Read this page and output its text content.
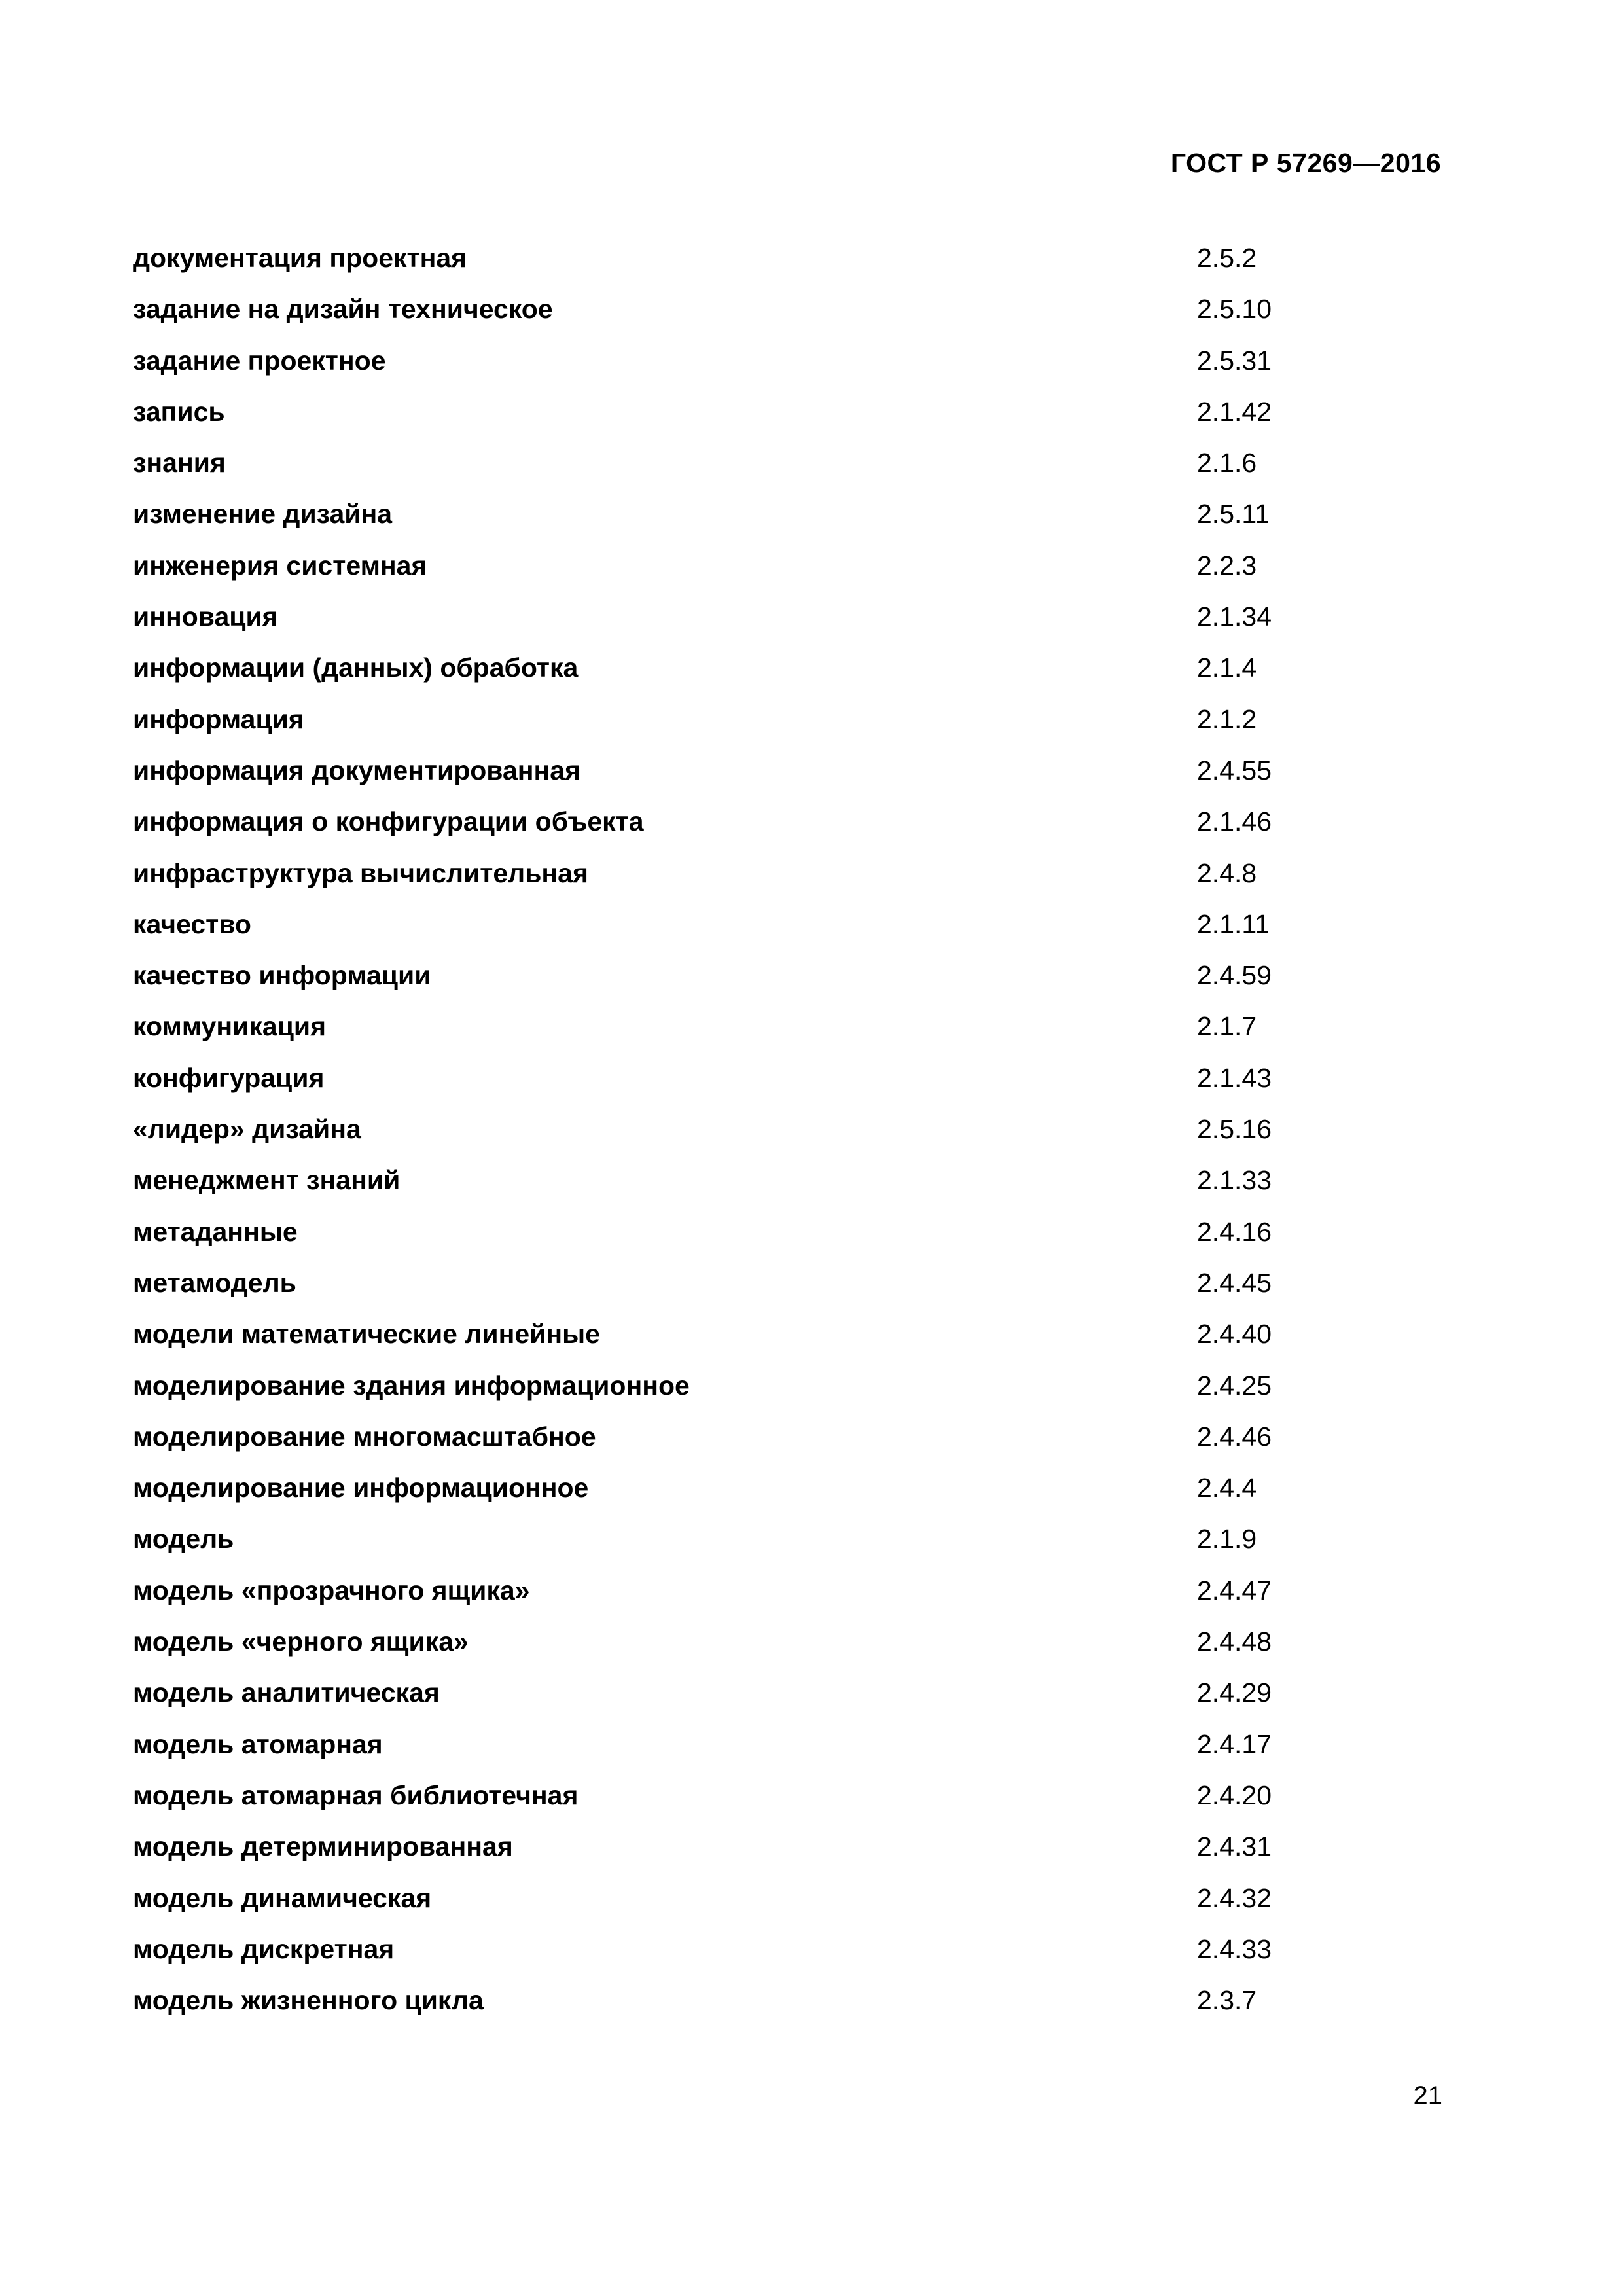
ГОСТ Р 57269—2016
документация проектная	2.5.2
задание на дизайн техническое	2.5.10
задание проектное	2.5.31
запись	2.1.42
знания	2.1.6
изменение дизайна	2.5.11
инженерия системная	2.2.3
инновация	2.1.34
информации (данных) обработка	2.1.4
информация	2.1.2
информация документированная	2.4.55
информация о конфигурации объекта	2.1.46
инфраструктура вычислительная	2.4.8
качество	2.1.11
качество информации	2.4.59
коммуникация	2.1.7
конфигурация	2.1.43
«лидер» дизайна	2.5.16
менеджмент знаний	2.1.33
метаданные	2.4.16
метамодель	2.4.45
модели математические линейные	2.4.40
моделирование здания информационное	2.4.25
моделирование многомасштабное	2.4.46
моделирование информационное	2.4.4
модель	2.1.9
модель «прозрачного ящика»	2.4.47
модель «черного ящика»	2.4.48
модель аналитическая	2.4.29
модель атомарная	2.4.17
модель атомарная библиотечная	2.4.20
модель детерминированная	2.4.31
модель динамическая	2.4.32
модель дискретная	2.4.33
модель жизненного цикла	2.3.7
21
